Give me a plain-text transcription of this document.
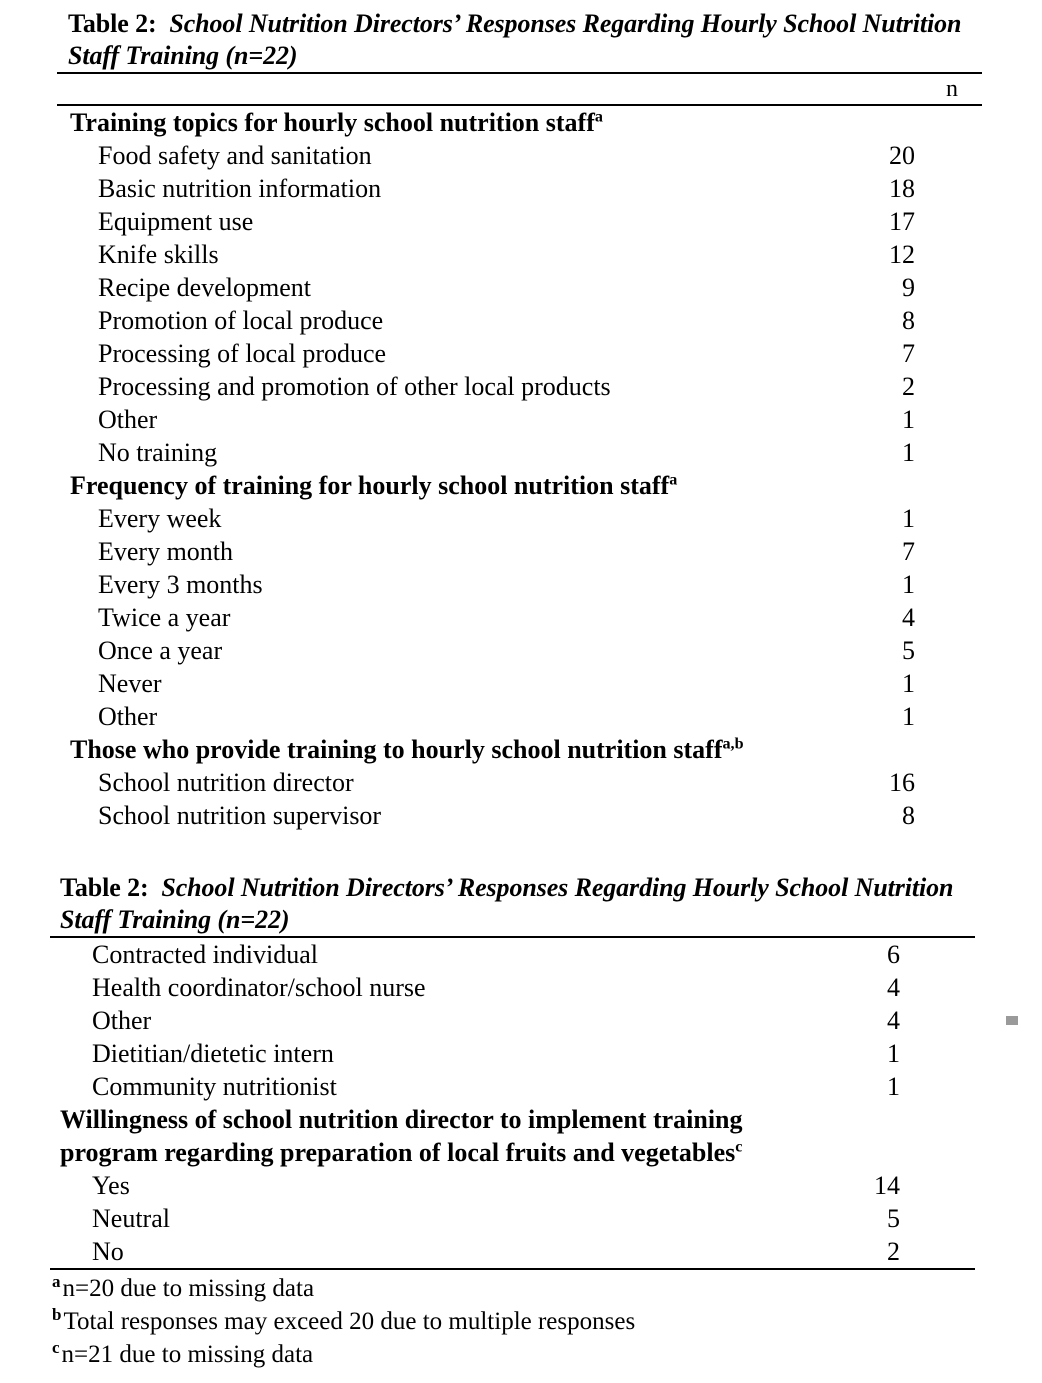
Table 2: School Nutrition Directors’ Responses Regarding Hourly School Nutrition Staff Training (n=22)
n
Training topics for hourly school nutrition staff$^a$
Food safety and sanitation	20
Basic nutrition information	18
Equipment use	17
Knife skills	12
Recipe development	9
Promotion of local produce	8
Processing of local produce	7
Processing and promotion of other local products	2
Other	1
No training	1
Frequency of training for hourly school nutrition staff$^a$
Every week	1
Every month	7
Every 3 months	1
Twice a year	4
Once a year	5
Never	1
Other	1
Those who provide training to hourly school nutrition staff$^{a,b}$
School nutrition director	16
School nutrition supervisor	8
Table 2: School Nutrition Directors’ Responses Regarding Hourly School Nutrition Staff Training (n=22)
Contracted individual	6
Health coordinator/school nurse	4
Other	4
Dietitian/dietetic intern	1
Community nutritionist	1
Willingness of school nutrition director to implement training program regarding preparation of local fruits and vegetables$^c$
Yes	14
Neutral	5
No	2
$^a$n=20 due to missing data
$^b$Total responses may exceed 20 due to multiple responses
$^c$n=21 due to missing data
